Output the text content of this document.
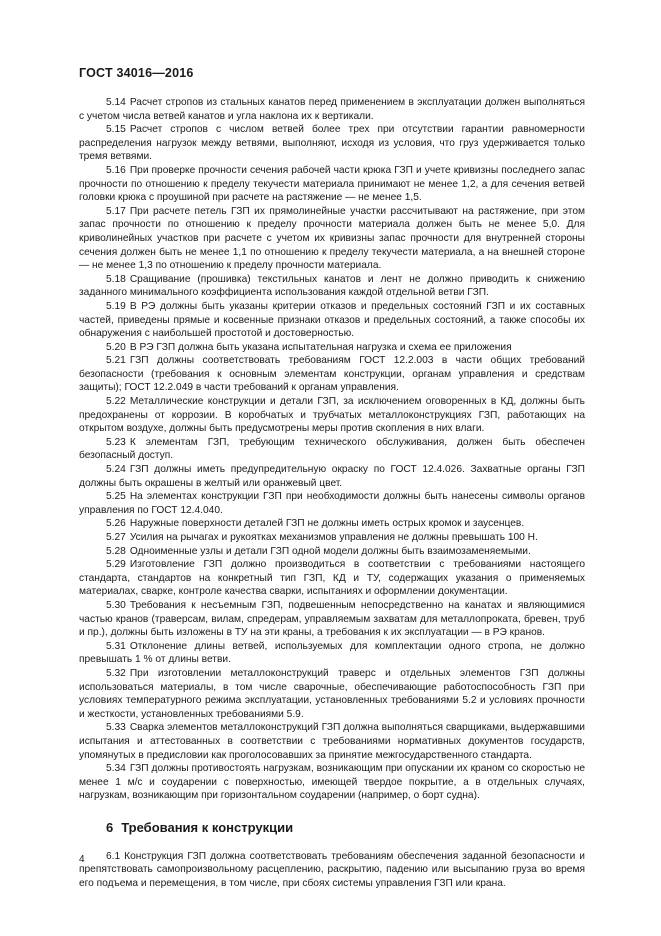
ГОСТ 34016—2016

5.14 Расчет стропов из стальных канатов перед применением в эксплуатации должен выполняться с учетом числа ветвей канатов и угла наклона их к вертикали.

5.15 Расчет стропов с числом ветвей более трех при отсутствии гарантии равномерности распределения нагрузок между ветвями, выполняют, исходя из условия, что груз удерживается только тремя ветвями.

5.16 При проверке прочности сечения рабочей части крюка ГЗП и учете кривизны последнего запас прочности по отношению к пределу текучести материала принимают не менее 1,2, а для сечения ветвей головки крюка с проушиной при расчете на растяжение — не менее 1,5.

5.17 При расчете петель ГЗП их прямолинейные участки рассчитывают на растяжение, при этом запас прочности по отношению к пределу прочности материала должен быть не менее 5,0. Для криволинейных участков при расчете с учетом их кривизны запас прочности для внутренней стороны сечения должен быть не менее 1,1 по отношению к пределу текучести материала, а на внешней стороне — не менее 1,3 по отношению к пределу прочности материала.

5.18 Сращивание (прошивка) текстильных канатов и лент не должно приводить к снижению заданного минимального коэффициента использования каждой отдельной ветви ГЗП.

5.19 В РЭ должны быть указаны критерии отказов и предельных состояний ГЗП и их составных частей, приведены прямые и косвенные признаки отказов и предельных состояний, а также способы их обнаружения с наибольшей простотой и достоверностью.

5.20 В РЭ ГЗП должна быть указана испытательная нагрузка и схема ее приложения

5.21 ГЗП должны соответствовать требованиям ГОСТ 12.2.003 в части общих требований безопасности (требования к основным элементам конструкции, органам управления и средствам защиты); ГОСТ 12.2.049 в части требований к органам управления.

5.22 Металлические конструкции и детали ГЗП, за исключением оговоренных в КД, должны быть предохранены от коррозии. В коробчатых и трубчатых металлоконструкциях ГЗП, работающих на открытом воздухе, должны быть предусмотрены меры против скопления в них влаги.

5.23 К элементам ГЗП, требующим технического обслуживания, должен быть обеспечен безопасный доступ.

5.24 ГЗП должны иметь предупредительную окраску по ГОСТ 12.4.026. Захватные органы ГЗП должны быть окрашены в желтый или оранжевый цвет.

5.25 На элементах конструкции ГЗП при необходимости должны быть нанесены символы органов управления по ГОСТ 12.4.040.

5.26 Наружные поверхности деталей ГЗП не должны иметь острых кромок и заусенцев.

5.27 Усилия на рычагах и рукоятках механизмов управления не должны превышать 100 Н.

5.28 Одноименные узлы и детали ГЗП одной модели должны быть взаимозаменяемыми.

5.29 Изготовление ГЗП должно производиться в соответствии с требованиями настоящего стандарта, стандартов на конкретный тип ГЗП, КД и ТУ, содержащих указания о применяемых материалах, сварке, контроле качества сварки, испытаниях и оформлении документации.

5.30 Требования к несъемным ГЗП, подвешенным непосредственно на канатах и являющимися частью кранов (траверсам, вилам, спредерам, управляемым захватам для металлопроката, бревен, труб и пр.), должны быть изложены в ТУ на эти краны, а требования к их эксплуатации — в РЭ кранов.

5.31 Отклонение длины ветвей, используемых для комплектации одного стропа, не должно превышать 1 % от длины ветви.

5.32 При изготовлении металлоконструкций траверс и отдельных элементов ГЗП должны использоваться материалы, в том числе сварочные, обеспечивающие работоспособность ГЗП при условиях температурного режима эксплуатации, установленных требованиями 5.2 и условиях прочности и жесткости, установленных требованиями 5.9.

5.33 Сварка элементов металлоконструкций ГЗП должна выполняться сварщиками, выдержавшими испытания и аттестованных в соответствии с требованиями нормативных документов государств, упомянутых в предисловии как проголосовавших за принятие межгосударственного стандарта.

5.34 ГЗП должны противостоять нагрузкам, возникающим при опускании их краном со скоростью не менее 1 м/с и соударении с поверхностью, имеющей твердое покрытие, а в отдельных случаях, нагрузкам, возникающим при горизонтальном соударении (например, о борт судна).

6 Требования к конструкции

6.1 Конструкция ГЗП должна соответствовать требованиям обеспечения заданной безопасности и препятствовать самопроизвольному расцеплению, раскрытию, падению или высыпанию груза во время его подъема и перемещения, в том числе, при сбоях системы управления ГЗП или крана.

4
